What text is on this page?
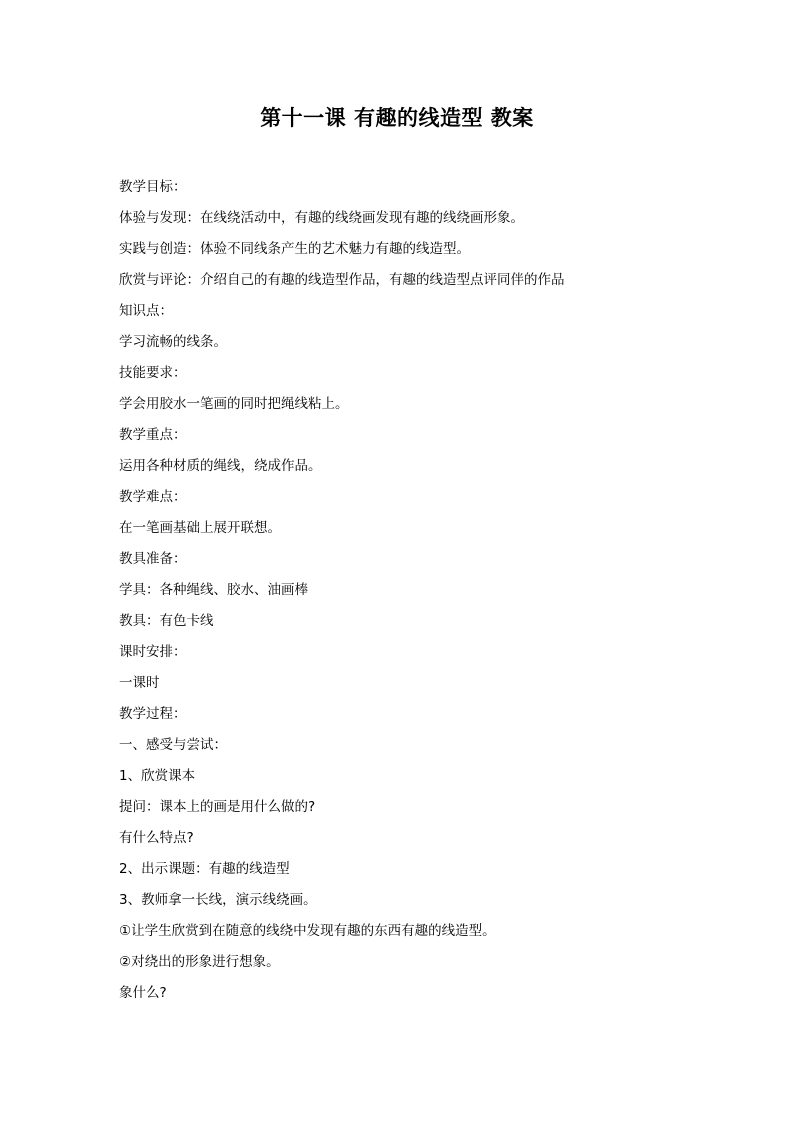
第十一课 有趣的线造型 教案
教学目标：
体验与发现：在线绕活动中，有趣的线绕画发现有趣的线绕画形象。
实践与创造：体验不同线条产生的艺术魅力有趣的线造型。
欣赏与评论：介绍自己的有趣的线造型作品，有趣的线造型点评同伴的作品
知识点：
学习流畅的线条。
技能要求：
学会用胶水一笔画的同时把绳线粘上。
教学重点：
运用各种材质的绳线，绕成作品。
教学难点：
在一笔画基础上展开联想。
教具准备：
学具：各种绳线、胶水、油画棒
教具：有色卡线
课时安排：
一课时
教学过程：
一、感受与尝试：
1、欣赏课本
提问：课本上的画是用什么做的?
有什么特点?
2、出示课题：有趣的线造型
3、教师拿一长线，演示线绕画。
①让学生欣赏到在随意的线绕中发现有趣的东西有趣的线造型。
②对绕出的形象进行想象。
象什么?
